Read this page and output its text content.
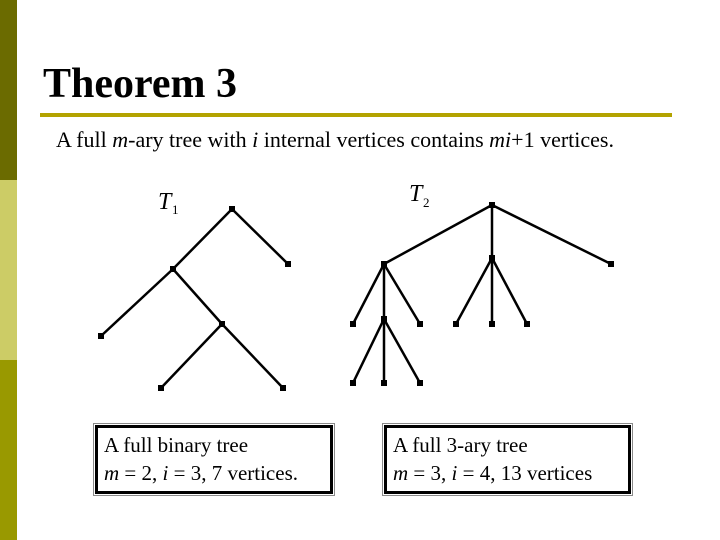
Theorem 3
A full m-ary tree with i internal vertices contains mi+1 vertices.
T 1
T 2
A full binary tree
m = 2, i = 3, 7 vertices.
A full 3-ary tree
m = 3, i = 4, 13 vertices
